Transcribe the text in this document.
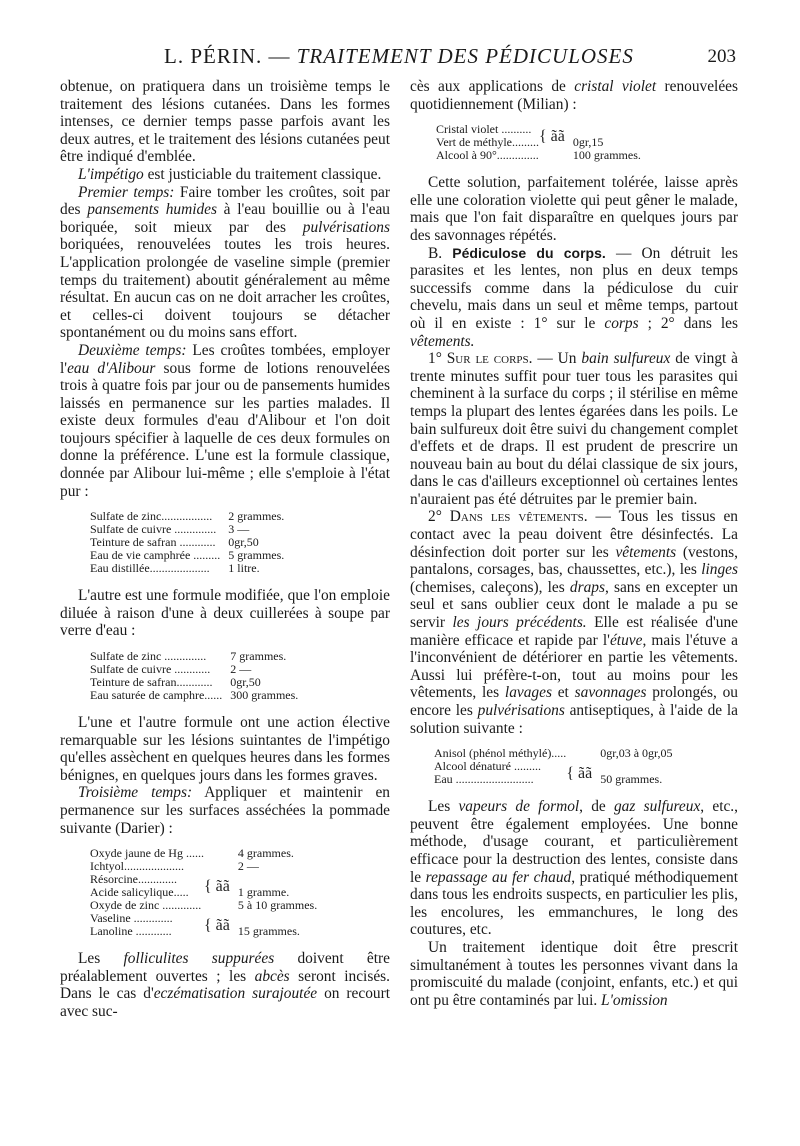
L. PÉRIN. — TRAITEMENT DES PÉDICULOSES	203

obtenue, on pratiquera dans un troisième temps le traitement des lésions cutanées. Dans les formes intenses, ce dernier temps passe parfois avant les deux autres, et le traitement des lésions cutanées peut être indiqué d'emblée.

L'impétigo est justiciable du traitement classique.

Premier temps: Faire tomber les croûtes, soit par des pansements humides à l'eau bouillie ou à l'eau boriquée, soit mieux par des pulvérisations boriquées, renouvelées toutes les trois heures. L'application prolongée de vaseline simple (premier temps du traitement) aboutit généralement au même résultat. En aucun cas on ne doit arracher les croûtes, et celles-ci doivent toujours se détacher spontanément ou du moins sans effort.

Deuxième temps: Les croûtes tombées, employer l'eau d'Alibour sous forme de lotions renouvelées trois à quatre fois par jour ou de pansements humides laissés en permanence sur les parties malades. Il existe deux formules d'eau d'Alibour et l'on doit toujours spécifier à laquelle de ces deux formules on donne la préférence. L'une est la formule classique, donnée par Alibour lui-même ; elle s'emploie à l'état pur :

Sulfate de zinc.................	2 grammes.
Sulfate de cuivre ..............	3 —
Teinture de safran ............	0gr,50
Eau de vie camphrée .........	5 grammes.
Eau distillée....................	1 litre.

L'autre est une formule modifiée, que l'on emploie diluée à raison d'une à deux cuillerées à soupe par verre d'eau :

Sulfate de zinc ..............	7 grammes.
Sulfate de cuivre ............	2 —
Teinture de safran............	0gr,50
Eau saturée de camphre......	300 grammes.

L'une et l'autre formule ont une action élective remarquable sur les lésions suintantes de l'impétigo qu'elles assèchent en quelques heures dans les formes bénignes, en quelques jours dans les formes graves.

Troisième temps: Appliquer et maintenir en permanence sur les surfaces asséchées la pommade suivante (Darier) :

Oxyde jaune de Hg ......		4 grammes.
Ichtyol....................		2 —
Résorcine.............	{ ãã	
Acide salicylique.....		1 gramme.
Oxyde de zinc .............		5 à 10 grammes.
Vaseline .............	{ ãã	
Lanoline ............		15 grammes.

Les folliculites suppurées doivent être préalablement ouvertes ; les abcès seront incisés. Dans le cas d'eczématisation surajoutée on recourt avec suc-

cès aux applications de cristal violet renouvelées quotidiennement (Milian) :

Cristal violet ..........	{ ãã	
Vert de méthyle.........		0gr,15
Alcool à 90°..............		100 grammes.

Cette solution, parfaitement tolérée, laisse après elle une coloration violette qui peut gêner le malade, mais que l'on fait disparaître en quelques jours par des savonnages répétés.

B. Pédiculose du corps. — On détruit les parasites et les lentes, non plus en deux temps successifs comme dans la pédiculose du cuir chevelu, mais dans un seul et même temps, partout où il en existe : 1° sur le corps ; 2° dans les vêtements.

1° Sur le corps. — Un bain sulfureux de vingt à trente minutes suffit pour tuer tous les parasites qui cheminent à la surface du corps ; il stérilise en même temps la plupart des lentes égarées dans les poils. Le bain sulfureux doit être suivi du changement complet d'effets et de draps. Il est prudent de prescrire un nouveau bain au bout du délai classique de six jours, dans le cas d'ailleurs exceptionnel où certaines lentes n'auraient pas été détruites par le premier bain.

2° Dans les vêtements. — Tous les tissus en contact avec la peau doivent être désinfectés. La désinfection doit porter sur les vêtements (vestons, pantalons, corsages, bas, chaussettes, etc.), les linges (chemises, caleçons), les draps, sans en excepter un seul et sans oublier ceux dont le malade a pu se servir les jours précédents. Elle est réalisée d'une manière efficace et rapide par l'étuve, mais l'étuve a l'inconvénient de détériorer en partie les vêtements. Aussi lui préfère-t-on, tout au moins pour les vêtements, les lavages et savonnages prolongés, ou encore les pulvérisations antiseptiques, à l'aide de la solution suivante :

Anisol (phénol méthylé).....		0gr,03 à 0gr,05
Alcool dénaturé .........	{ ãã	
Eau ..........................		50 grammes.

Les vapeurs de formol, de gaz sulfureux, etc., peuvent être également employées. Une bonne méthode, d'usage courant, et particulièrement efficace pour la destruction des lentes, consiste dans le repassage au fer chaud, pratiqué méthodiquement dans tous les endroits suspects, en particulier les plis, les encolures, les emmanchures, le long des coutures, etc.

Un traitement identique doit être prescrit simultanément à toutes les personnes vivant dans la promiscuité du malade (conjoint, enfants, etc.) et qui ont pu être contaminés par lui. L'omission
